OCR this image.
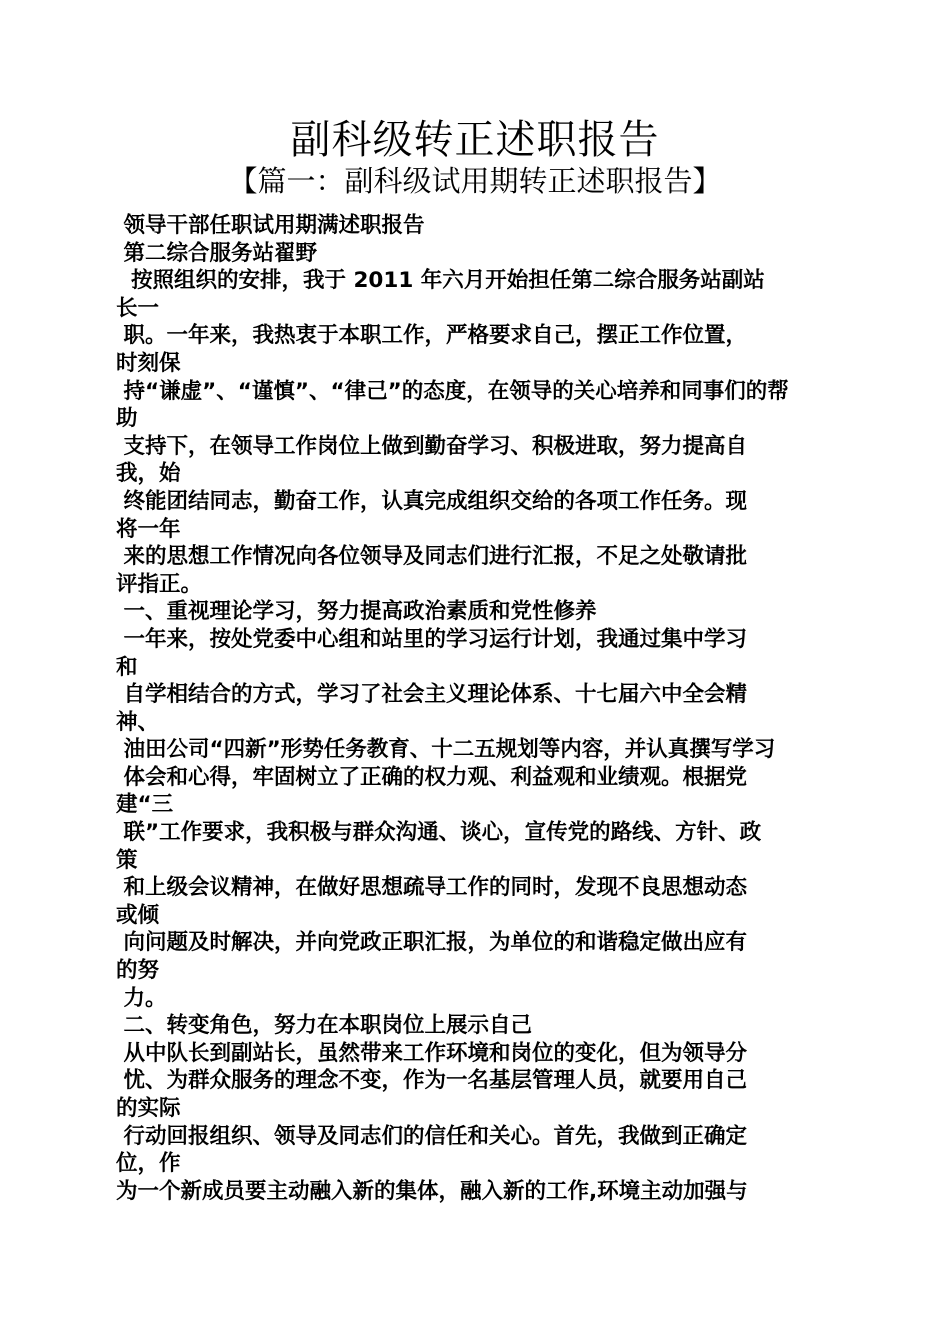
副科级转正述职报告
【篇一：副科级试用期转正述职报告】
领导干部任职试用期满述职报告
第二综合服务站翟野
按照组织的安排，我于 2011 年六月开始担任第二综合服务站副站
长一
职。一年来，我热衷于本职工作，严格要求自己，摆正工作位置，
时刻保
持“谦虚”、“谨慎”、“律己”的态度，在领导的关心培养和同事们的帮
助
支持下，在领导工作岗位上做到勤奋学习、积极进取，努力提高自
我，始
终能团结同志，勤奋工作，认真完成组织交给的各项工作任务。现
将一年
来的思想工作情况向各位领导及同志们进行汇报，不足之处敬请批
评指正。
一、重视理论学习，努力提高政治素质和党性修养
一年来，按处党委中心组和站里的学习运行计划，我通过集中学习
和
自学相结合的方式，学习了社会主义理论体系、十七届六中全会精
神、
油田公司“四新”形势任务教育、十二五规划等内容，并认真撰写学习
体会和心得，牢固树立了正确的权力观、利益观和业绩观。根据党
建“三
联”工作要求，我积极与群众沟通、谈心，宣传党的路线、方针、政
策
和上级会议精神，在做好思想疏导工作的同时，发现不良思想动态
或倾
向问题及时解决，并向党政正职汇报，为单位的和谐稳定做出应有
的努
力。
二、转变角色，努力在本职岗位上展示自己
从中队长到副站长，虽然带来工作环境和岗位的变化，但为领导分
忧、为群众服务的理念不变，作为一名基层管理人员，就要用自己
的实际
行动回报组织、领导及同志们的信任和关心。首先，我做到正确定
位，作
为一个新成员要主动融入新的集体，融入新的工作,环境主动加强与
